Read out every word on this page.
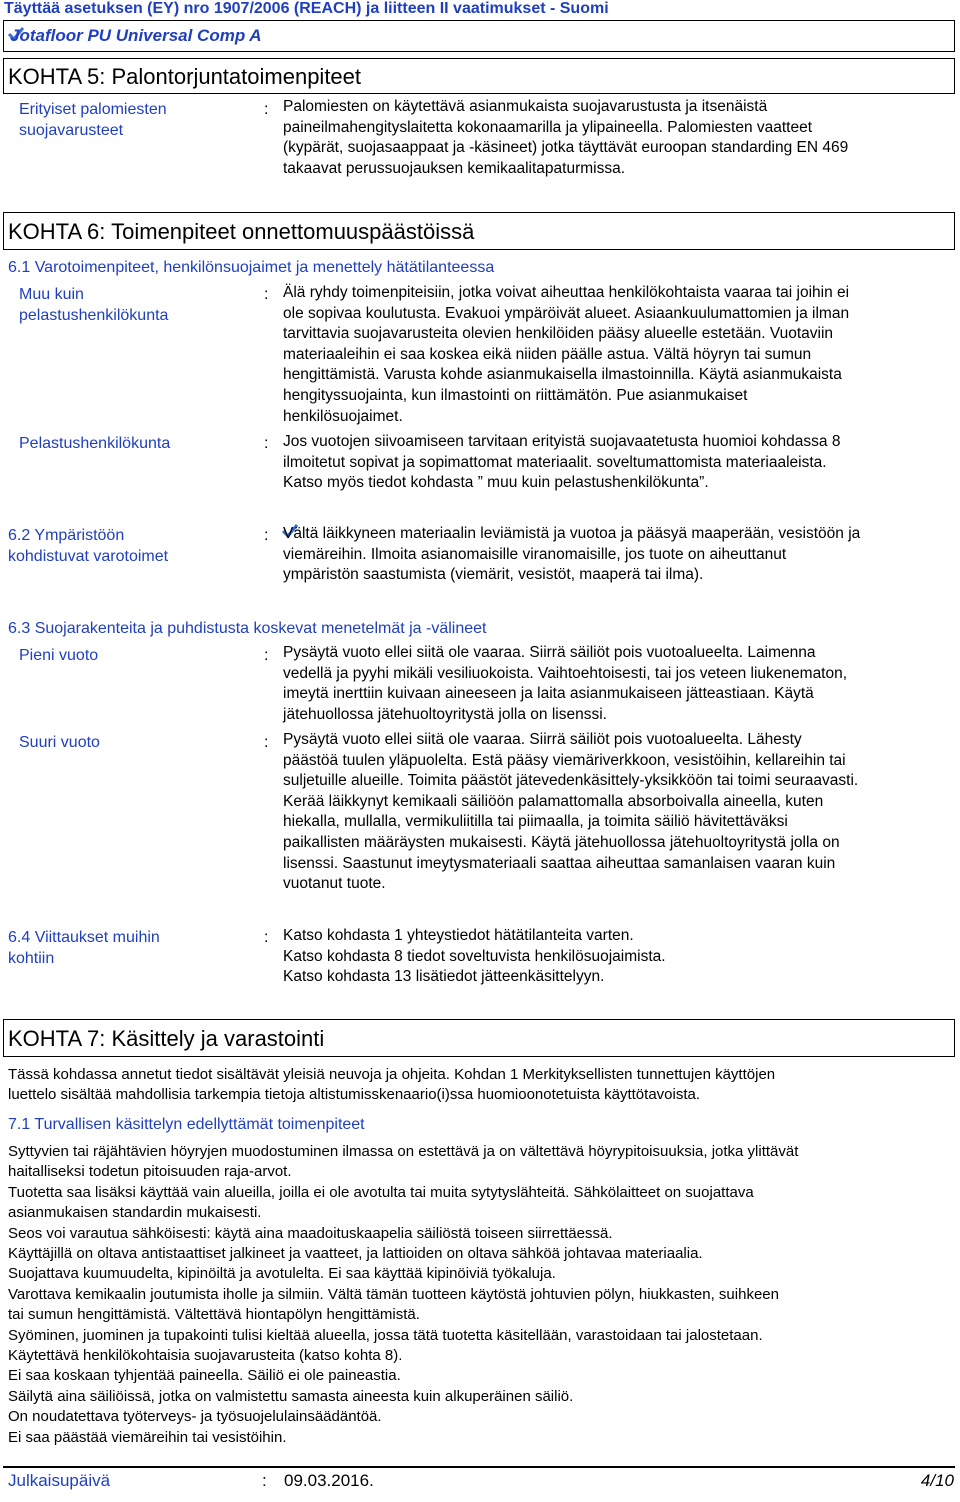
Täyttää asetuksen (EY) nro 1907/2006 (REACH) ja liitteen II vaatimukset - Suomi
Jotafloor PU Universal Comp A
KOHTA 5: Palontorjuntatoimenpiteet
Erityiset palomiesten
suojavarusteet
: Palomiesten on käytettävä asianmukaista suojavarustusta ja itsenäistä
paineilmahengityslaitetta kokonaamarilla ja ylipaineella. Palomiesten vaatteet
(kypärät, suojasaappaat ja -käsineet) jotka täyttävät euroopan standarding EN 469
takaavat perussuojauksen kemikaalitapaturmissa.
KOHTA 6: Toimenpiteet onnettomuuspäästöissä
6.1 Varotoimenpiteet, henkilönsuojaimet ja menettely hätätilanteessa
Muu kuin
pelastushenkilökunta
: Älä ryhdy toimenpiteisiin, jotka voivat aiheuttaa henkilökohtaista vaaraa tai joihin ei
ole sopivaa koulutusta. Evakuoi ympäröivät alueet. Asiaankuulumattomien ja ilman
tarvittavia suojavarusteita olevien henkilöiden pääsy alueelle estetään. Vuotaviin
materiaaleihin ei saa koskea eikä niiden päälle astua. Vältä höyryn tai sumun
hengittämistä. Varusta kohde asianmukaisella ilmastoinnilla. Käytä asianmukaista
hengityssuojainta, kun ilmastointi on riittämätön. Pue asianmukaiset
henkilösuojaimet.
Pelastushenkilökunta	: Jos vuotojen siivoamiseen tarvitaan erityistä suojavaatetusta huomioi kohdassa 8
ilmoitetut sopivat ja sopimattomat materiaalit. soveltumattomista materiaaleista.
Katso myös tiedot kohdasta ” muu kuin pelastushenkilökunta”.
6.2 Ympäristöön
kohdistuvat varotoimet
: Vältä läikkyneen materiaalin leviämistä ja vuotoa ja pääsyä maaperään, vesistöön ja
viemäreihin. Ilmoita asianomaisille viranomaisille, jos tuote on aiheuttanut
ympäristön saastumista (viemärit, vesistöt, maaperä tai ilma).
6.3 Suojarakenteita ja puhdistusta koskevat menetelmät ja -välineet
Pieni vuoto	: Pysäytä vuoto ellei siitä ole vaaraa. Siirrä säiliöt pois vuotoalueelta. Laimenna
vedellä ja pyyhi mikäli vesiliuokoista. Vaihtoehtoisesti, tai jos veteen liukenematon,
imeytä inerttiin kuivaan aineeseen ja laita asianmukaiseen jätteastiaan. Käytä
jätehuollossa jätehuoltoyritystä jolla on lisenssi.
Suuri vuoto	: Pysäytä vuoto ellei siitä ole vaaraa. Siirrä säiliöt pois vuotoalueelta. Lähesty
päästöä tuulen yläpuolelta. Estä pääsy viemäriverkkoon, vesistöihin, kellareihin tai
suljetuille alueille. Toimita päästöt jätevedenkäsittely-yksikköön tai toimi seuraavasti.
Kerää läikkynyt kemikaali säiliöön palamattomalla absorboivalla aineella, kuten
hiekalla, mullalla, vermikuliitilla tai piimaalla, ja toimita säiliö hävitettäväksi
paikallisten määräysten mukaisesti. Käytä jätehuollossa jätehuoltoyritystä jolla on
lisenssi. Saastunut imeytysmateriaali saattaa aiheuttaa samanlaisen vaaran kuin
vuotanut tuote.
6.4 Viittaukset muihin
kohtiin
: Katso kohdasta 1 yhteystiedot hätätilanteita varten.
Katso kohdasta 8 tiedot soveltuvista henkilösuojaimista.
Katso kohdasta 13 lisätiedot jätteenkäsittelyyn.
KOHTA 7: Käsittely ja varastointi
Tässä kohdassa annetut tiedot sisältävät yleisiä neuvoja ja ohjeita. Kohdan 1 Merkityksellisten tunnettujen käyttöjen
luettelo sisältää mahdollisia tarkempia tietoja altistumisskenaario(i)ssa huomioonotetuista käyttötavoista.
7.1 Turvallisen käsittelyn edellyttämät toimenpiteet
Syttyvien tai räjähtävien höyryjen muodostuminen ilmassa on estettävä ja on vältettävä höyrypitoisuuksia, jotka ylittävät
haitalliseksi todetun pitoisuuden raja-arvot.
Tuotetta saa lisäksi käyttää vain alueilla, joilla ei ole avotulta tai muita sytytyslähteitä. Sähkölaitteet on suojattava
asianmukaisen standardin mukaisesti.
Seos voi varautua sähköisesti: käytä aina maadoituskaapelia säiliöstä toiseen siirrettäessä.
Käyttäjillä on oltava antistaattiset jalkineet ja vaatteet, ja lattioiden on oltava sähköä johtavaa materiaalia.
Suojattava kuumuudelta, kipinöiltä ja avotulelta. Ei saa käyttää kipinöiviä työkaluja.
Varottava kemikaalin joutumista iholle ja silmiin. Vältä tämän tuotteen käytöstä johtuvien pölyn, hiukkasten, suihkeen
tai sumun hengittämistä. Vältettävä hiontapölyn hengittämistä.
Syöminen, juominen ja tupakointi tulisi kieltää alueella, jossa tätä tuotetta käsitellään, varastoidaan tai jalostetaan.
Käytettävä henkilökohtaisia suojavarusteita (katso kohta 8).
Ei saa koskaan tyhjentää paineella. Säiliö ei ole paineastia.
Säilytä aina säiliöissä, jotka on valmistettu samasta aineesta kuin alkuperäinen säiliö.
On noudatettava työterveys- ja työsuojelulainsäädäntöä.
Ei saa päästää viemäreihin tai vesistöihin.
Julkaisupäivä	: 09.03.2016.	4/10
